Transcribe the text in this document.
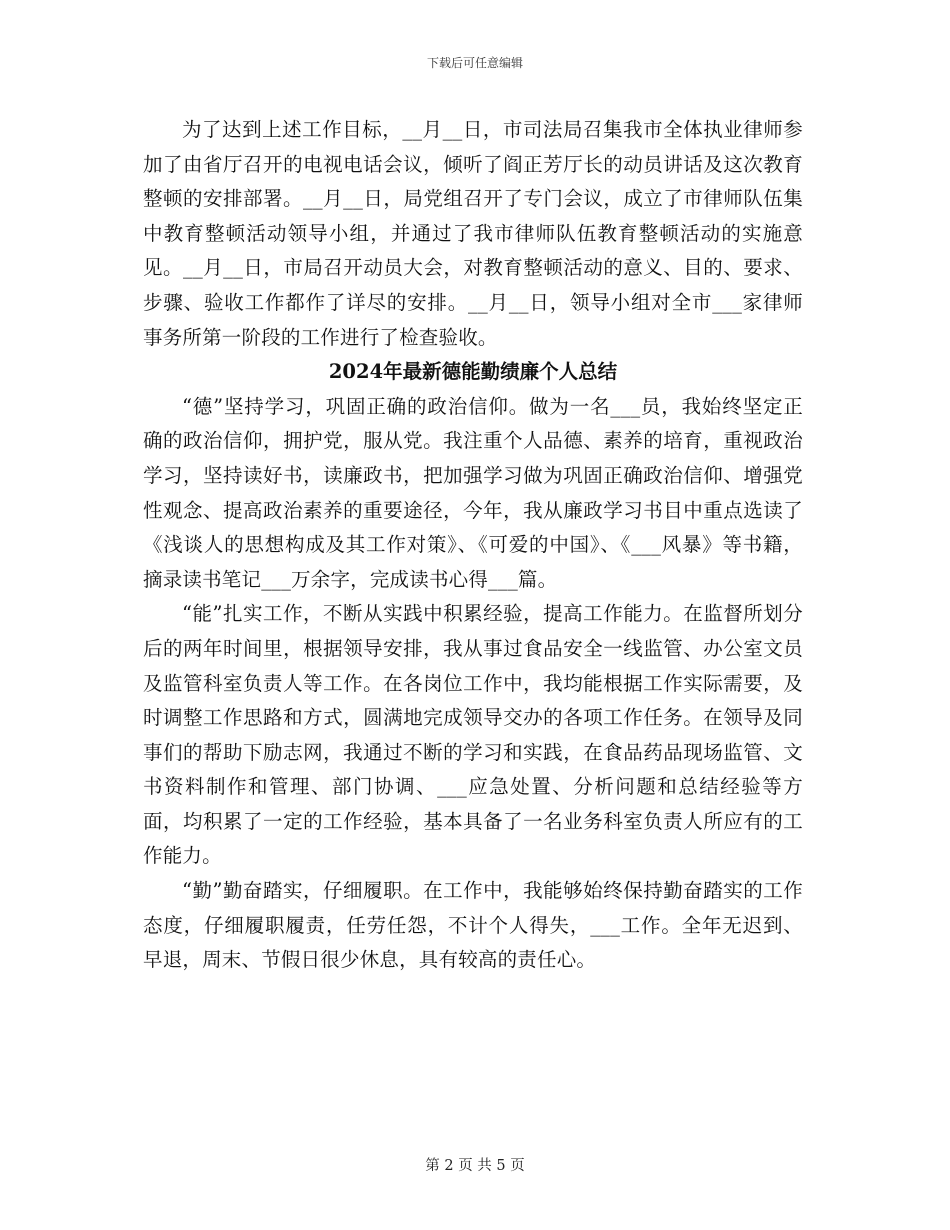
下载后可任意编辑

为了达到上述工作目标，__月__日，市司法局召集我市全体执业律师参加了由省厅召开的电视电话会议，倾听了阎正芳厅长的动员讲话及这次教育整顿的安排部署。__月__日，局党组召开了专门会议，成立了市律师队伍集中教育整顿活动领导小组，并通过了我市律师队伍教育整顿活动的实施意见。__月__日，市局召开动员大会，对教育整顿活动的意义、目的、要求、步骤、验收工作都作了详尽的安排。__月__日，领导小组对全市___家律师事务所第一阶段的工作进行了检查验收。

2024年最新德能勤绩廉个人总结

“德”坚持学习，巩固正确的政治信仰。做为一名___员，我始终坚定正确的政治信仰，拥护党，服从党。我注重个人品德、素养的培育，重视政治学习，坚持读好书，读廉政书，把加强学习做为巩固正确政治信仰、增强党性观念、提高政治素养的重要途径，今年，我从廉政学习书目中重点选读了《浅谈人的思想构成及其工作对策》、《可爱的中国》、《___风暴》等书籍，摘录读书笔记___万余字，完成读书心得___篇。

“能”扎实工作，不断从实践中积累经验，提高工作能力。在监督所划分后的两年时间里，根据领导安排，我从事过食品安全一线监管、办公室文员及监管科室负责人等工作。在各岗位工作中，我均能根据工作实际需要，及时调整工作思路和方式，圆满地完成领导交办的各项工作任务。在领导及同事们的帮助下励志网，我通过不断的学习和实践，在食品药品现场监管、文书资料制作和管理、部门协调、___应急处置、分析问题和总结经验等方面，均积累了一定的工作经验，基本具备了一名业务科室负责人所应有的工作能力。

“勤”勤奋踏实，仔细履职。在工作中，我能够始终保持勤奋踏实的工作态度，仔细履职履责，任劳任怨，不计个人得失，___工作。全年无迟到、早退，周末、节假日很少休息，具有较高的责任心。

第 2 页 共 5 页
